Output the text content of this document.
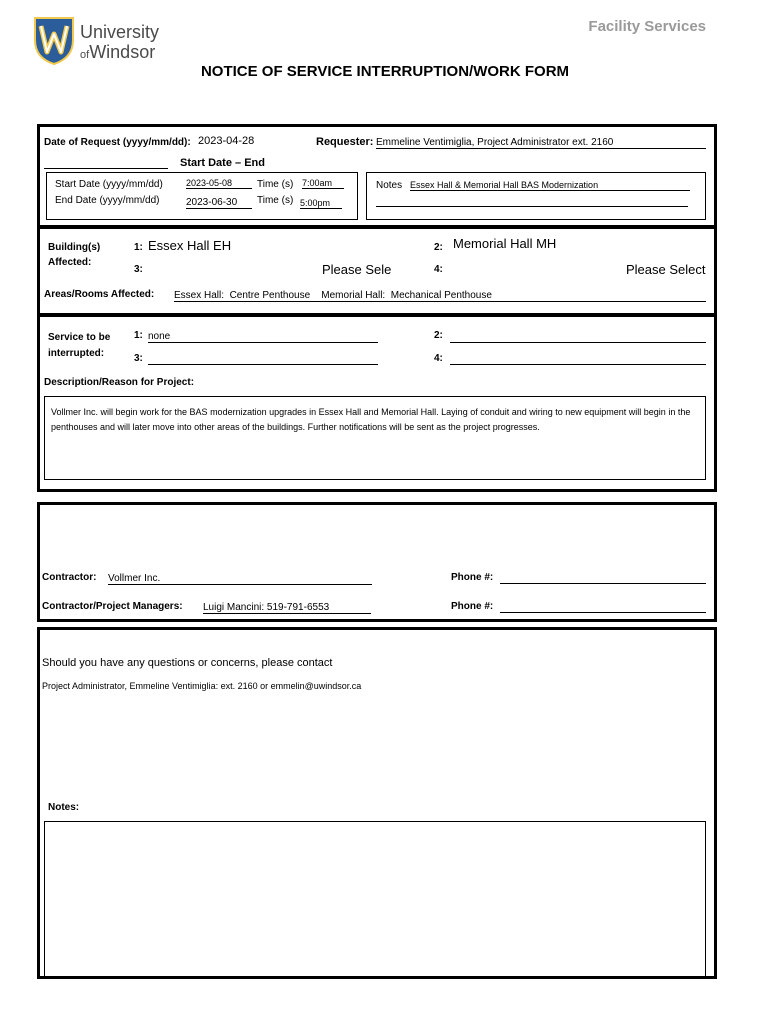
University
ofWindsor
Facility Services
NOTICE OF SERVICE INTERRUPTION/WORK FORM
Date of Request (yyyy/mm/dd): 2023-04-28	Requester: Emmeline Ventimiglia, Project Administrator ext. 2160
Start Date – End
Start Date (yyyy/mm/dd)	2023-05-08	Time (s) 7:00am
End Date (yyyy/mm/dd)	2023-06-30	Time (s) 5:00pm
Notes Essex Hall & Memorial Hall BAS Modernization
Building(s)
Affected:
1: Essex Hall EH	2: Memorial Hall MH
3:	Please Sele	4:	Please Select
Areas/Rooms Affected: Essex Hall:  Centre Penthouse    Memorial Hall:  Mechanical Penthouse
Service to be
interrupted:
1: none	2:
3:	4:
Description/Reason for Project:
Vollmer Inc. will begin work for the BAS modernization upgrades in Essex Hall and Memorial Hall. Laying of conduit and wiring to new equipment will begin in the penthouses and will later move into other areas of the buildings. Further notifications will be sent as the project progresses.
Contractor: Vollmer Inc.	Phone #:
Contractor/Project Managers: Luigi Mancini: 519-791-6553	Phone #:
Should you have any questions or concerns, please contact
Project Administrator, Emmeline Ventimiglia: ext. 2160 or emmelin@uwindsor.ca
Notes:
